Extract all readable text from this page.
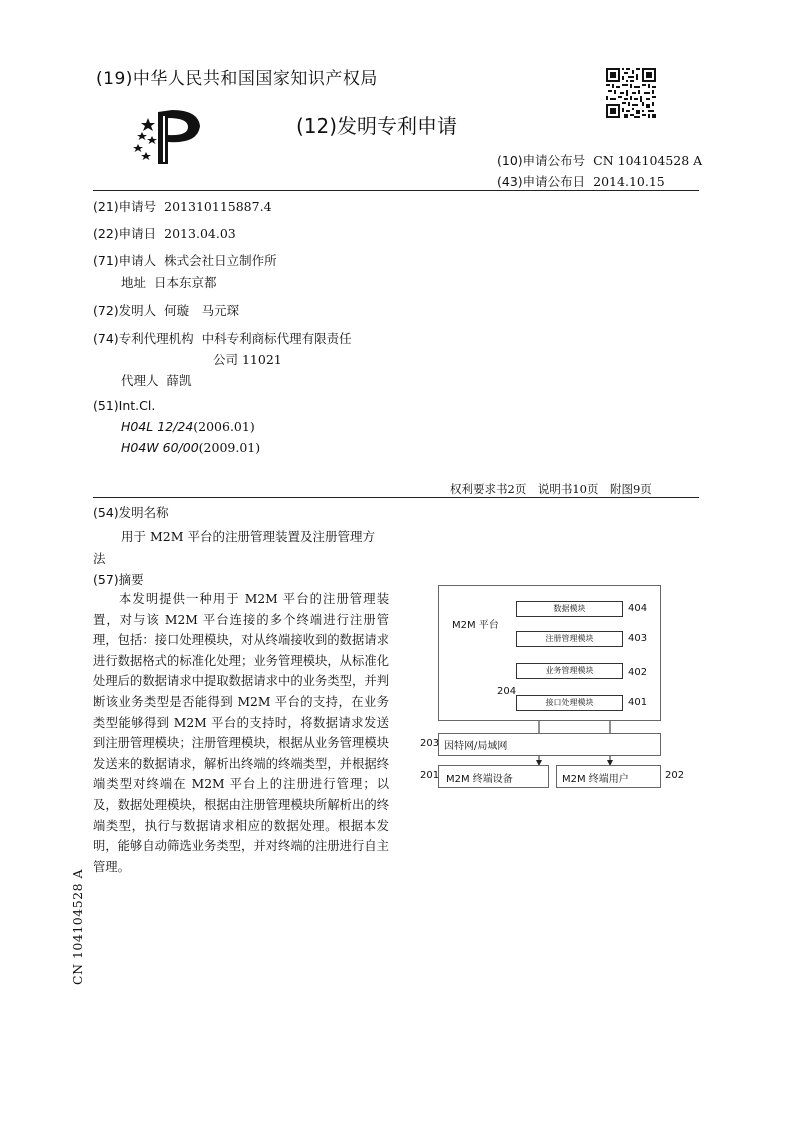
(19)中华人民共和国国家知识产权局
(12)发明专利申请
(10)申请公布号 CN 104104528 A
(43)申请公布日 2014.10.15
(21)申请号 201310115887.4
(22)申请日 2013.04.03
(71)申请人 株式会社日立制作所
地址 日本东京都
(72)发明人 何璇　马元琛
(74)专利代理机构 中科专利商标代理有限责任
公司 11021
代理人 薛凯
(51)Int.Cl.
H04L 12/24(2006.01)
H04W 60/00(2009.01)
权利要求书2页　说明书10页　附图9页
(54)发明名称
用于 M2M 平台的注册管理装置及注册管理方
法
(57)摘要

本发明提供一种用于 M2M 平台的注册管理装置，对与该 M2M 平台连接的多个终端进行注册管理，包括：接口处理模块，对从终端接收到的数据请求进行数据格式的标准化处理；业务管理模块，从标准化处理后的数据请求中提取数据请求中的业务类型，并判断该业务类型是否能得到 M2M 平台的支持，在业务类型能够得到 M2M 平台的支持时，将数据请求发送到注册管理模块；注册管理模块，根据从业务管理模块发送来的数据请求，解析出终端的终端类型，并根据终端类型对终端在 M2M 平台上的注册进行管理；以及，数据处理模块，根据由注册管理模块所解析出的终端类型，执行与数据请求相应的数据处理。根据本发明，能够自动筛选业务类型，并对终端的注册进行自主管理。

CN 104104528 A
M2M 平台
数据模块	404
注册管理模块	403
业务管理模块	402
接口处理模块	401
204
因特网/局域网
203
M2M 终端设备
201	M2M 终端用户	202
